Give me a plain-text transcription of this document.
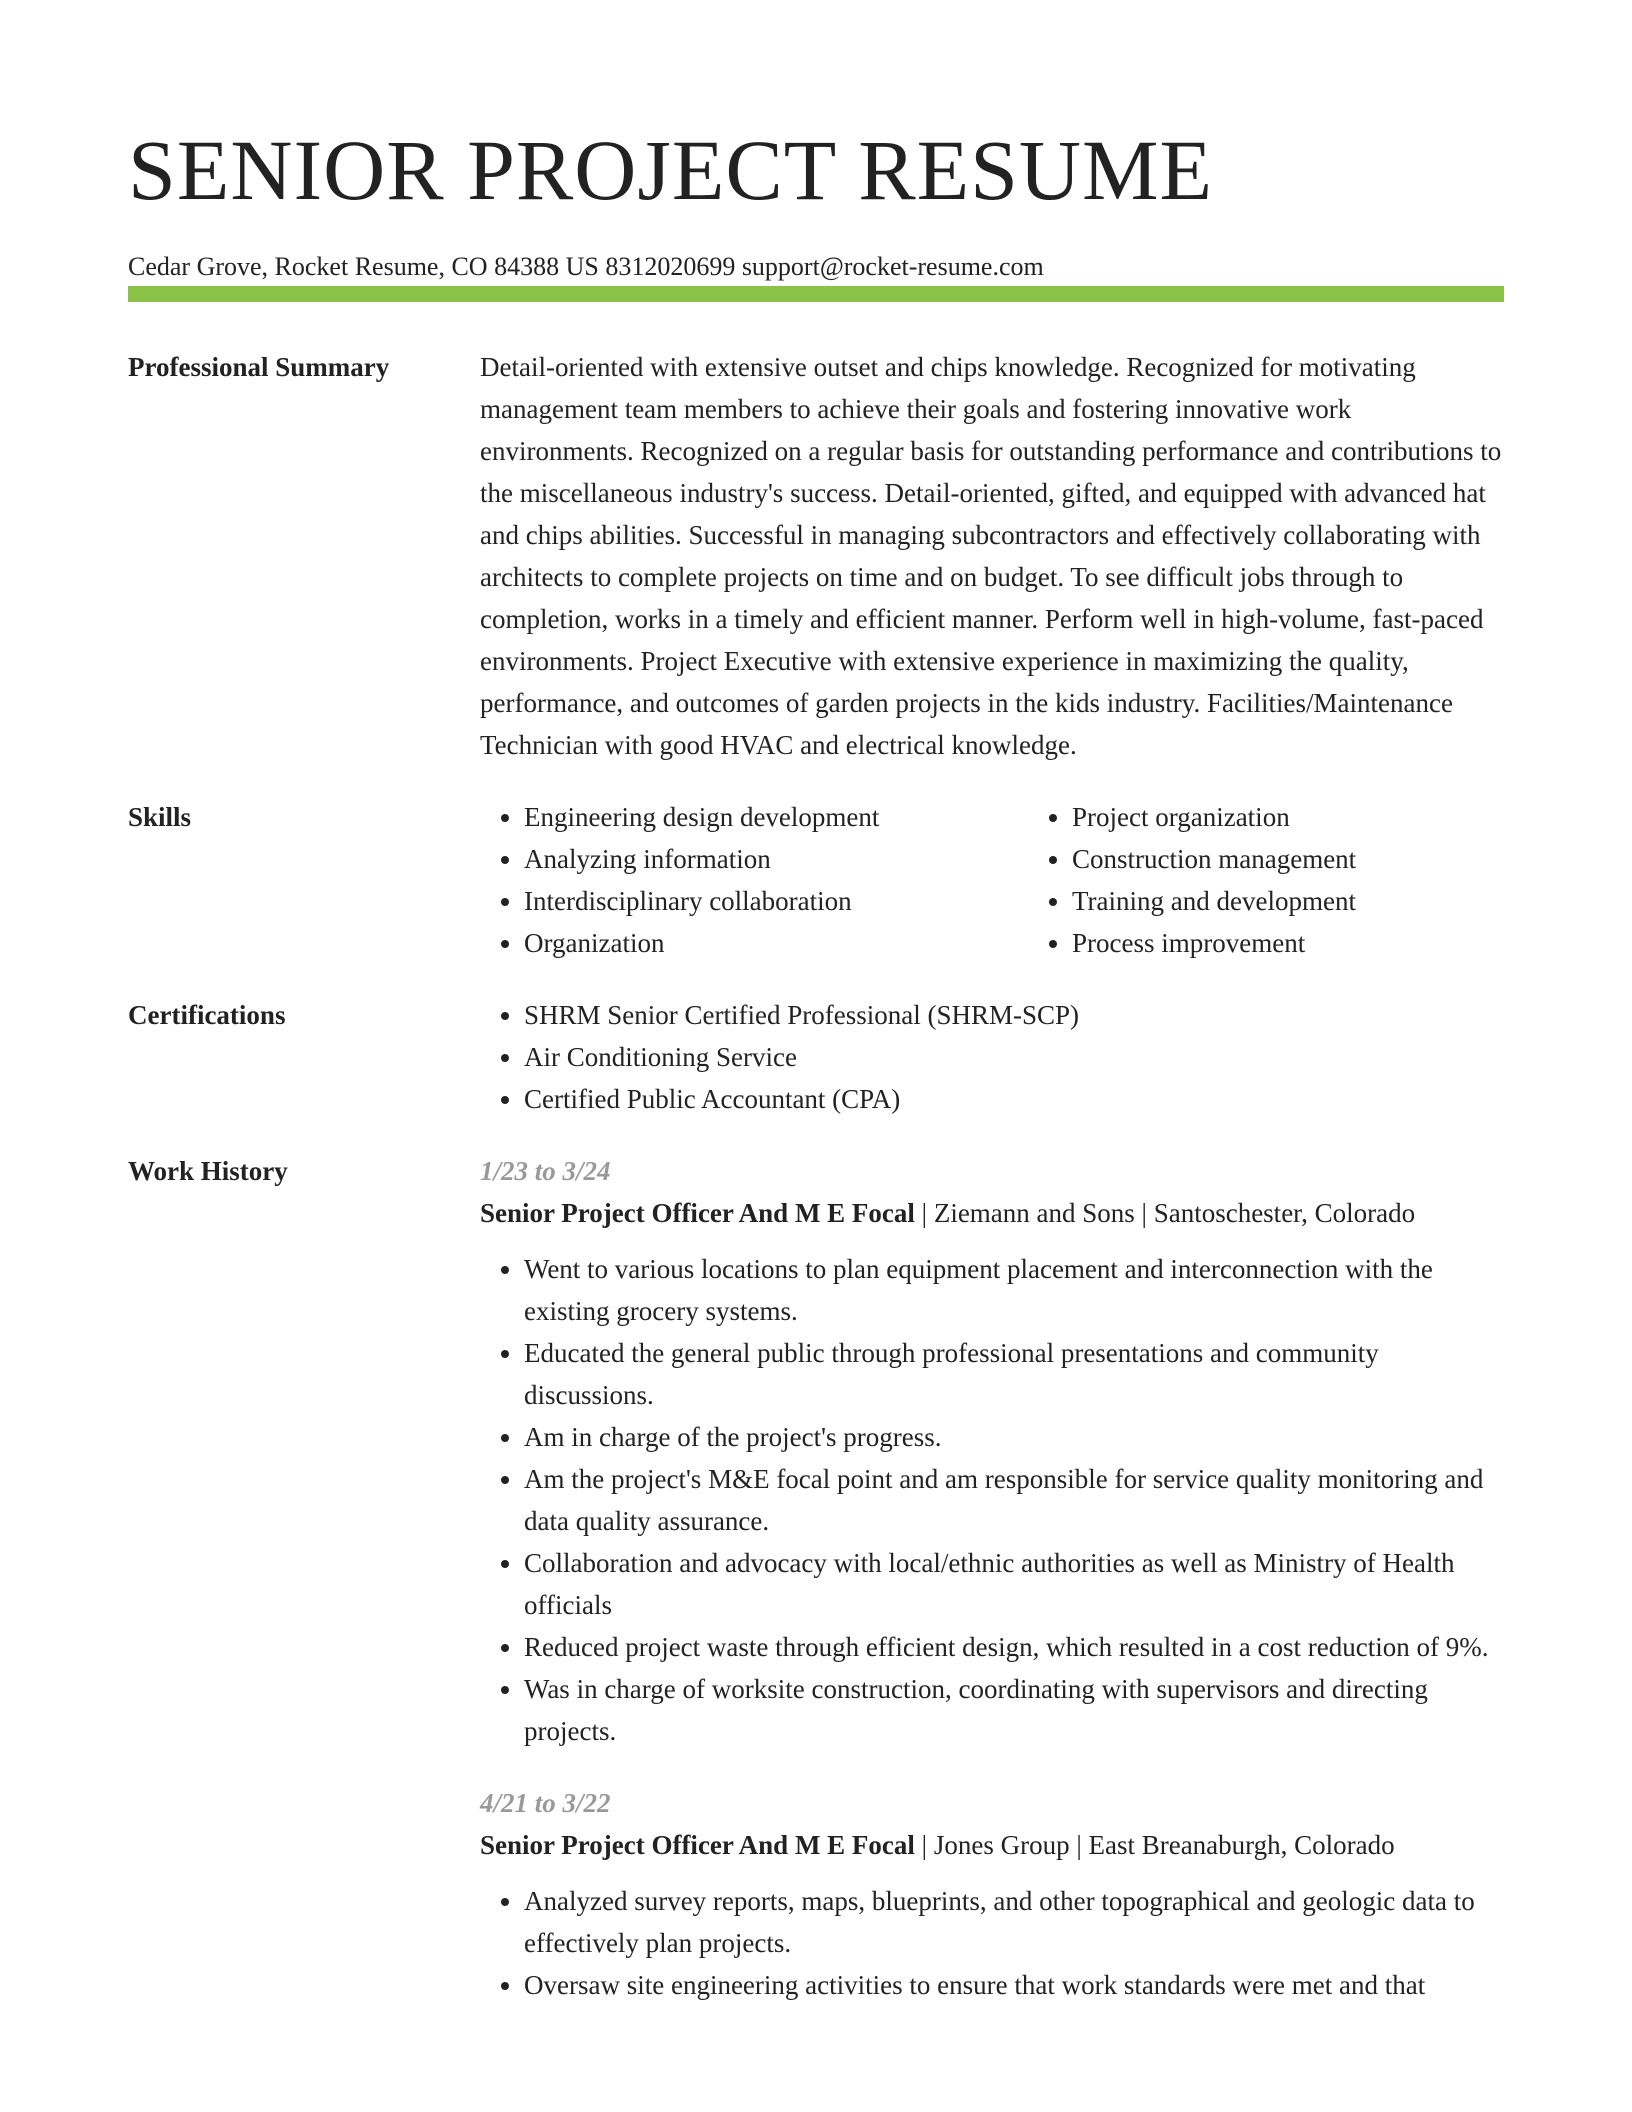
SENIOR PROJECT RESUME
Cedar Grove, Rocket Resume, CO 84388 US 8312020699 support@rocket-resume.com
Professional Summary	Detail-oriented with extensive outset and chips knowledge. Recognized for motivating management team members to achieve their goals and fostering innovative work environments. Recognized on a regular basis for outstanding performance and contributions to the miscellaneous industry's success. Detail-oriented, gifted, and equipped with advanced hat and chips abilities. Successful in managing subcontractors and effectively collaborating with architects to complete projects on time and on budget. To see difficult jobs through to completion, works in a timely and efficient manner. Perform well in high-volume, fast-paced environments. Project Executive with extensive experience in maximizing the quality, performance, and outcomes of garden projects in the kids industry. Facilities/Maintenance Technician with good HVAC and electrical knowledge.

Skills	• Engineering design development
• Analyzing information
• Interdisciplinary collaboration
• Organization
• Project organization
• Construction management
• Training and development
• Process improvement
Certifications	• SHRM Senior Certified Professional (SHRM-SCP)
• Air Conditioning Service
• Certified Public Accountant (CPA)
Work History	1/23 to 3/24
Senior Project Officer And M E Focal | Ziemann and Sons | Santoschester, Colorado
• Went to various locations to plan equipment placement and interconnection with the existing grocery systems.
• Educated the general public through professional presentations and community discussions.
• Am in charge of the project's progress.
• Am the project's M&E focal point and am responsible for service quality monitoring and data quality assurance.
• Collaboration and advocacy with local/ethnic authorities as well as Ministry of Health officials
• Reduced project waste through efficient design, which resulted in a cost reduction of 9%.
• Was in charge of worksite construction, coordinating with supervisors and directing projects.
4/21 to 3/22
Senior Project Officer And M E Focal | Jones Group | East Breanaburgh, Colorado
• Analyzed survey reports, maps, blueprints, and other topographical and geologic data to effectively plan projects.
• Oversaw site engineering activities to ensure that work standards were met and that
